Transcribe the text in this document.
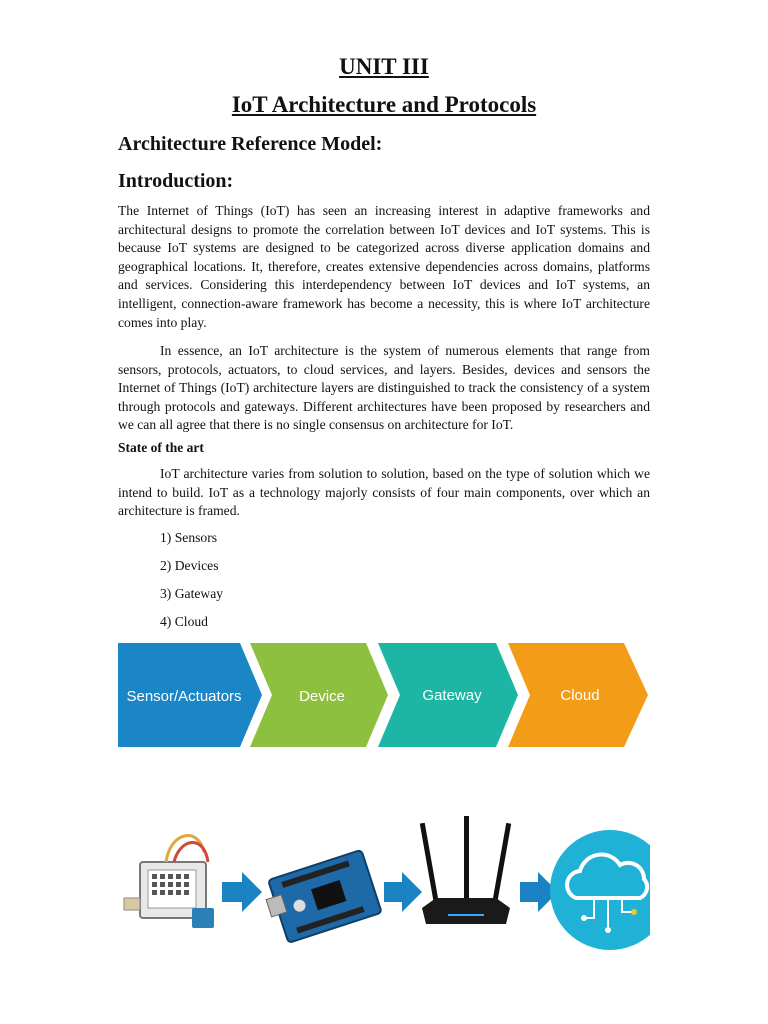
UNIT III
IoT Architecture and Protocols
Architecture Reference Model:
Introduction:

The Internet of Things (IoT) has seen an increasing interest in adaptive frameworks and architectural designs to promote the correlation between IoT devices and IoT systems. This is because IoT systems are designed to be categorized across diverse application domains and geographical locations. It, therefore, creates extensive dependencies across domains, platforms and services. Considering this interdependency between IoT devices and IoT systems, an intelligent, connection-aware framework has become a necessity, this is where IoT architecture comes into play.

In essence, an IoT architecture is the system of numerous elements that range from sensors, protocols, actuators, to cloud services, and layers. Besides, devices and sensors the Internet of Things (IoT) architecture layers are distinguished to track the consistency of a system through protocols and gateways. Different architectures have been proposed by researchers and we can all agree that there is no single consensus on architecture for IoT.

State of the art

IoT architecture varies from solution to solution, based on the type of solution which we intend to build. IoT as a technology majorly consists of four main components, over which an architecture is framed.

1) Sensors
2) Devices
3) Gateway
4) Cloud
Sensor/Actuators	Device	Gateway	Cloud
